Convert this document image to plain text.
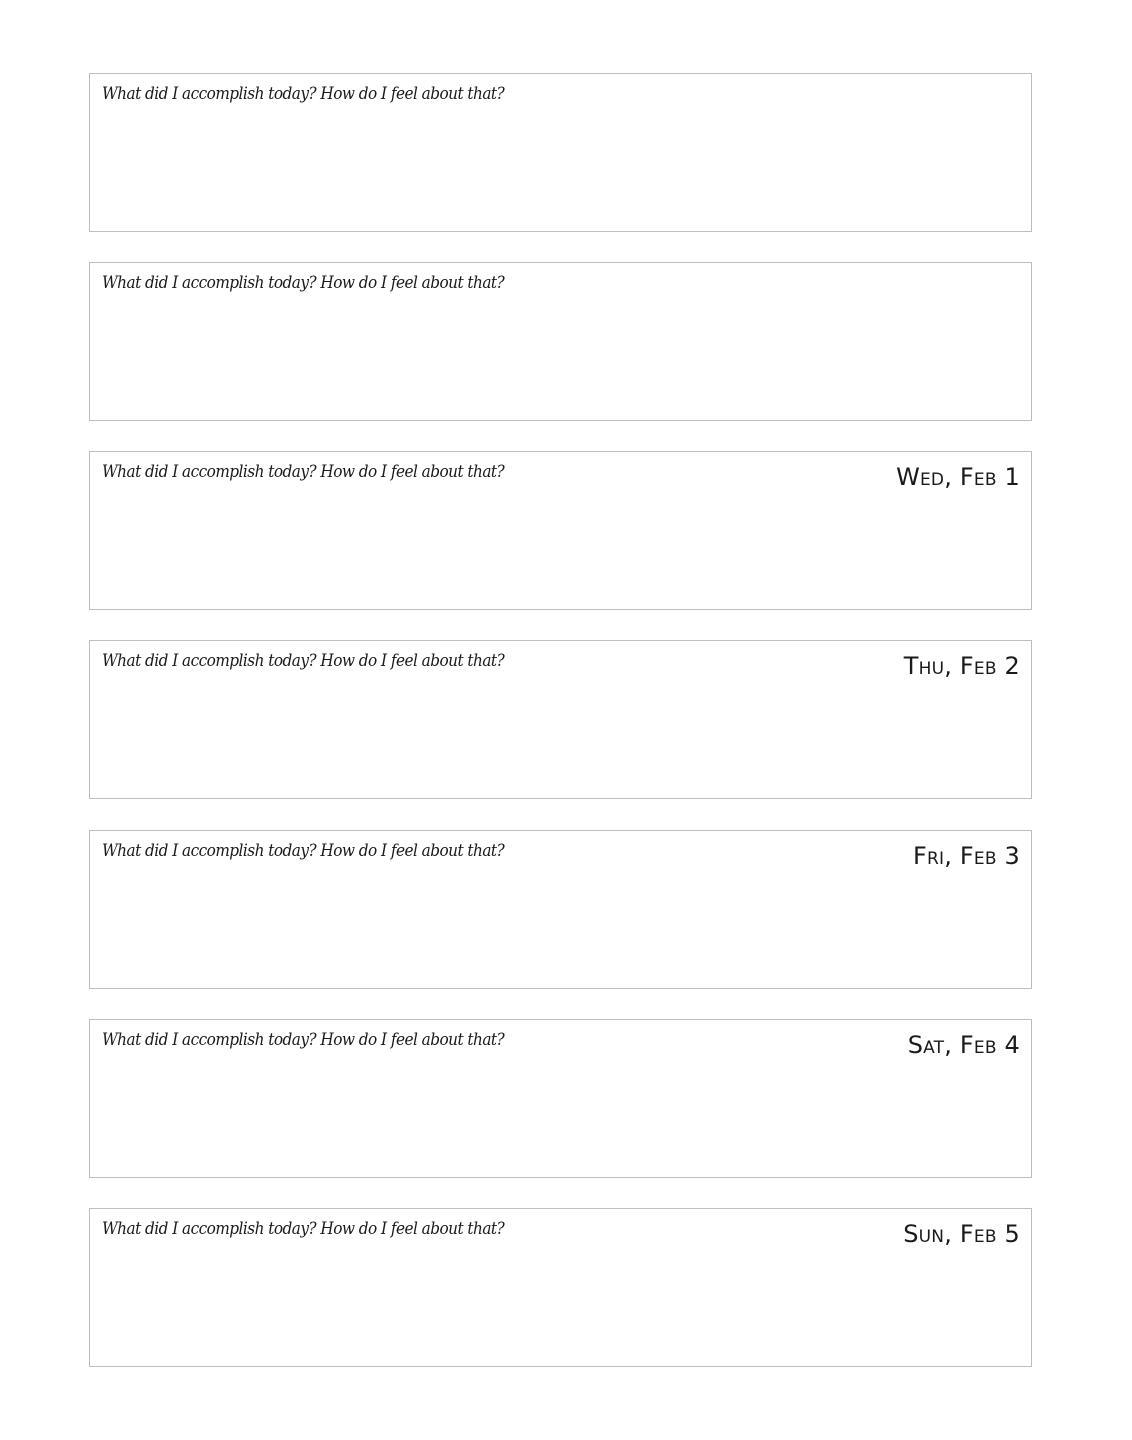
What did I accomplish today? How do I feel about that?
What did I accomplish today? How do I feel about that?
What did I accomplish today? How do I feel about that?	Wed, Feb 1
What did I accomplish today? How do I feel about that?	Thu, Feb 2
What did I accomplish today? How do I feel about that?	Fri, Feb 3
What did I accomplish today? How do I feel about that?	Sat, Feb 4
What did I accomplish today? How do I feel about that?	Sun, Feb 5
